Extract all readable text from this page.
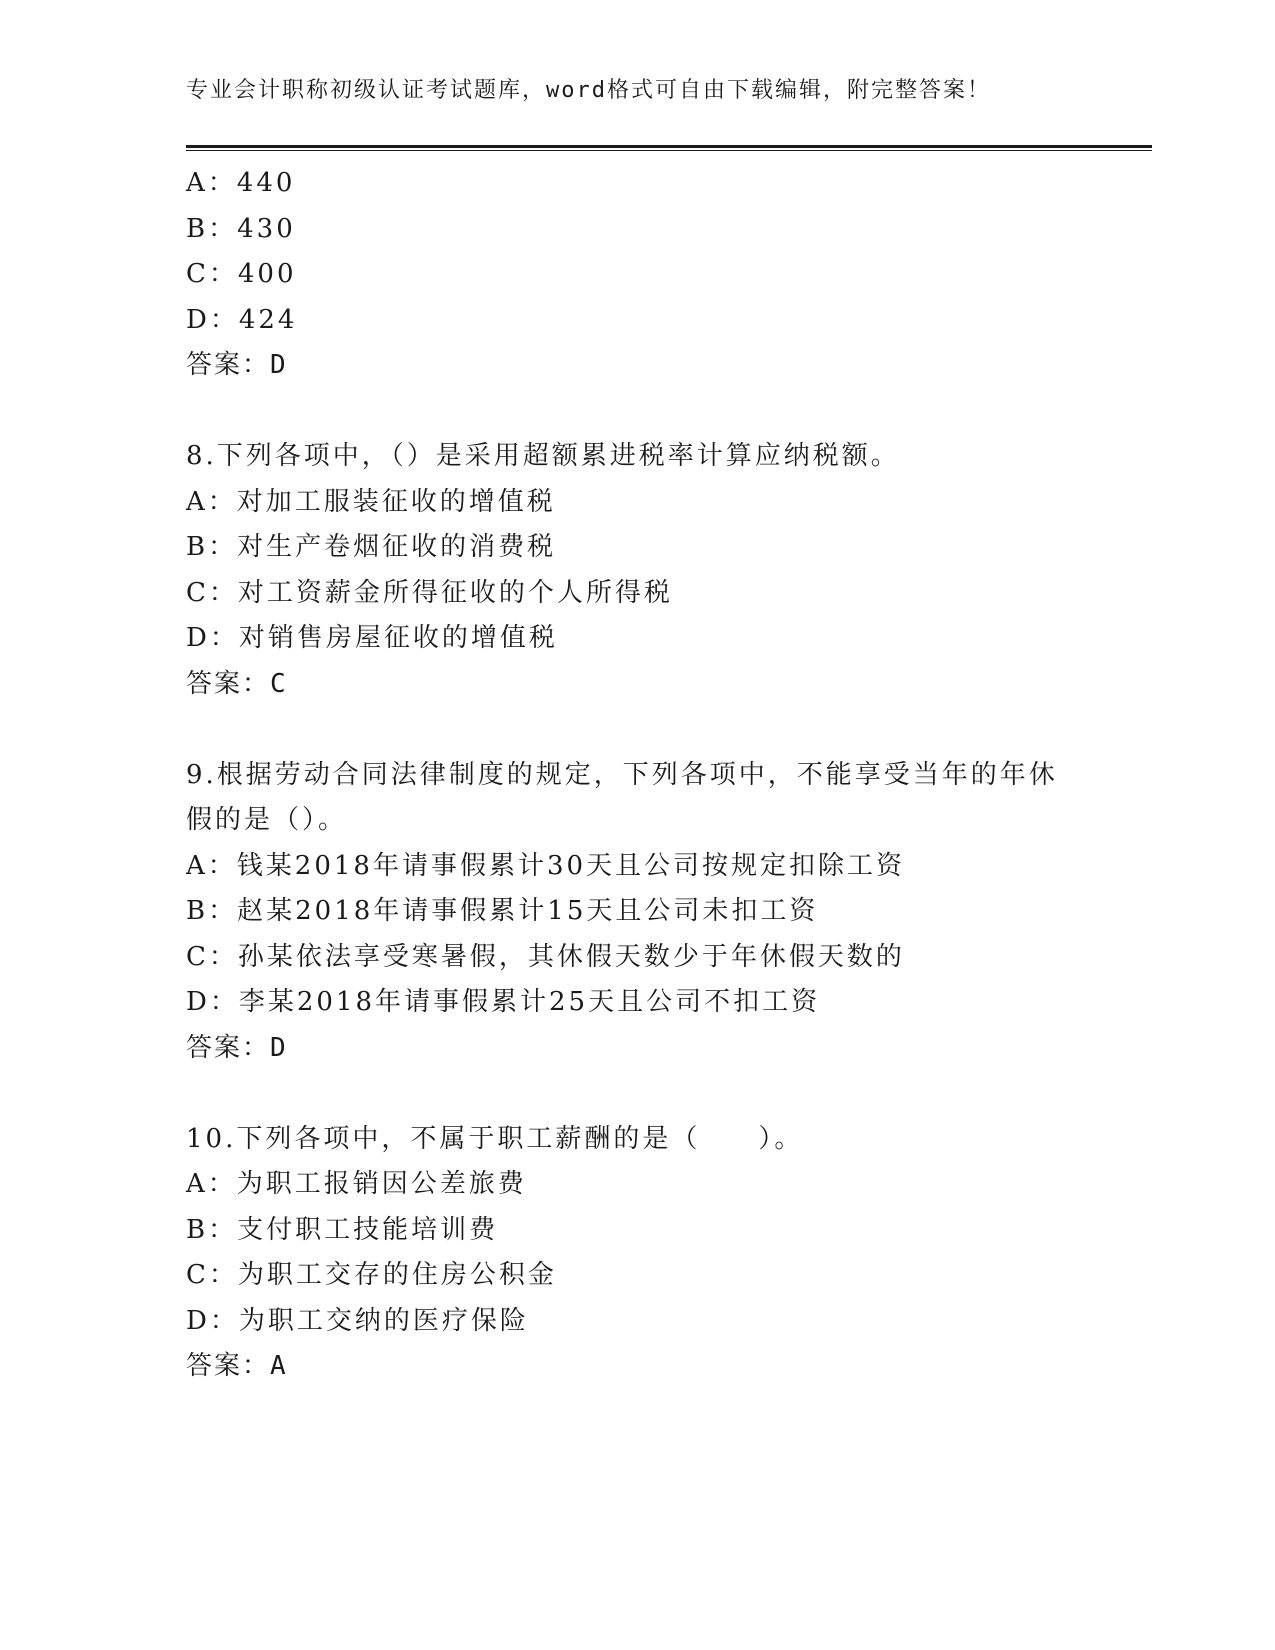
专业会计职称初级认证考试题库，word格式可自由下载编辑，附完整答案！
A：440
B：430
C：400
D：424
答案：D
8.下列各项中，（）是采用超额累进税率计算应纳税额。
A：对加工服装征收的增值税
B：对生产卷烟征收的消费税
C：对工资薪金所得征收的个人所得税
D：对销售房屋征收的增值税
答案：C
9.根据劳动合同法律制度的规定，下列各项中，不能享受当年的年休
假的是（）。
A：钱某2018年请事假累计30天且公司按规定扣除工资
B：赵某2018年请事假累计15天且公司未扣工资
C：孙某依法享受寒暑假，其休假天数少于年休假天数的
D：李某2018年请事假累计25天且公司不扣工资
答案：D
10.下列各项中，不属于职工薪酬的是（　　）。
A：为职工报销因公差旅费
B：支付职工技能培训费
C：为职工交存的住房公积金
D：为职工交纳的医疗保险
答案：A
